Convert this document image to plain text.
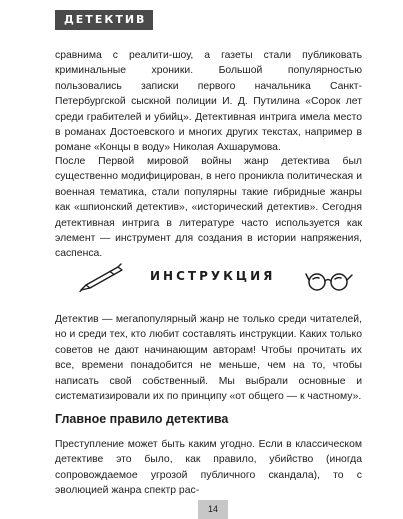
ДЕТЕКТИВ

сравнима с реалити-шоу, а газеты стали публиковать криминальные хроники. Большой популярностью пользовались записки первого начальника Санкт-Петербургской сыскной полиции И. Д. Путилина «Сорок лет среди грабителей и убийц». Детективная интрига имела место в романах Достоевского и многих других текстах, например в романе «Концы в воду» Николая Ахшарумова.

После Первой мировой войны жанр детектива был существенно модифицирован, в него проникла политическая и военная тематика, стали популярны такие гибридные жанры как «шпионский детектив», «исторический детектив». Сегодня детективная интрига в литературе часто используется как элемент — инструмент для создания в истории напряжения, саспенса.

ИНСТРУКЦИЯ

Детектив — мегапопулярный жанр не только среди читателей, но и среди тех, кто любит составлять инструкции. Каких только советов не дают начинающим авторам! Чтобы прочитать их все, времени понадобится не меньше, чем на то, чтобы написать свой собственный. Мы выбрали основные и систематизировали их по принципу «от общего — к частному».

Главное правило детектива

Преступление может быть каким угодно. Если в классическом детективе это было, как правило, убийство (иногда сопровождаемое угрозой публичного скандала), то с эволюцией жанра спектр рас-

14
